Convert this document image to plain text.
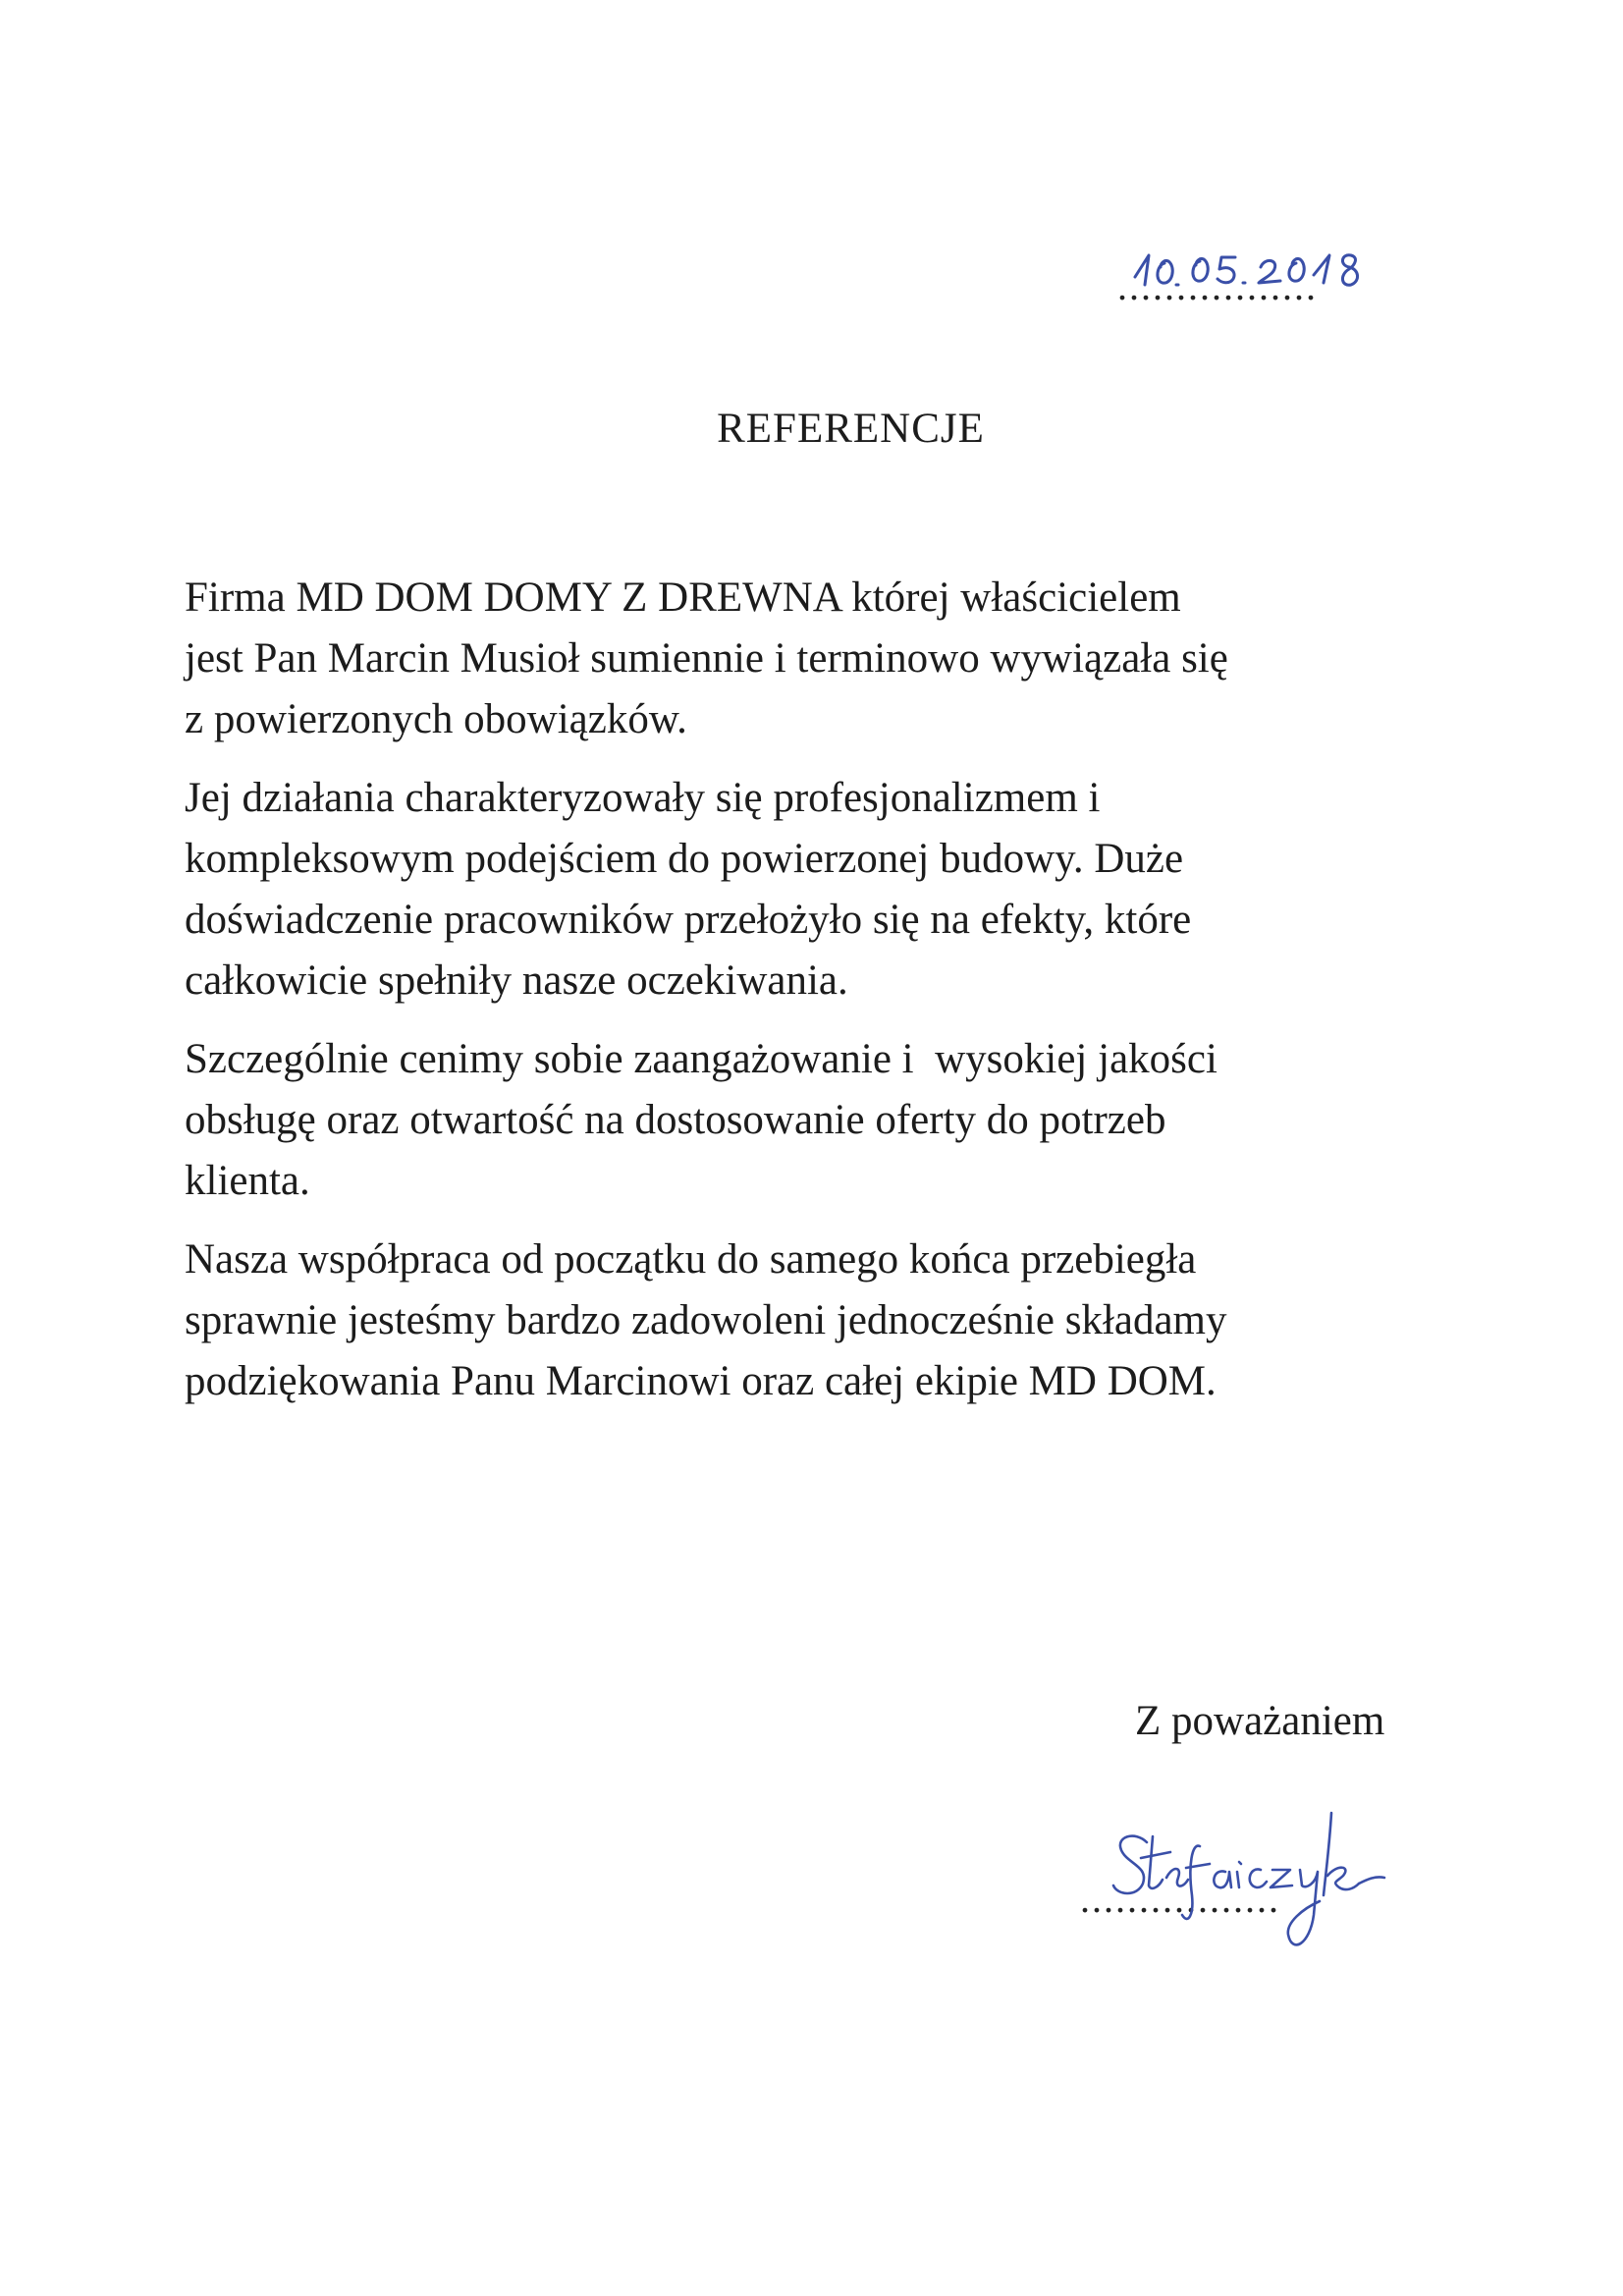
.................
REFERENCJE

Firma MD DOM DOMY Z DREWNA której właścicielem
jest Pan Marcin Musioł sumiennie i terminowo wywiązała się
z powierzonych obowiązków.

Jej działania charakteryzowały się profesjonalizmem i
kompleksowym podejściem do powierzonej budowy. Duże
doświadczenie pracowników przełożyło się na efekty, które
całkowicie spełniły nasze oczekiwania.

Szczególnie cenimy sobie zaangażowanie i  wysokiej jakości
obsługę oraz otwartość na dostosowanie oferty do potrzeb
klienta.

Nasza współpraca od początku do samego końca przebiegła
sprawnie jesteśmy bardzo zadowoleni jednocześnie składamy
podziękowania Panu Marcinowi oraz całej ekipie MD DOM.

Z poważaniem

.................
